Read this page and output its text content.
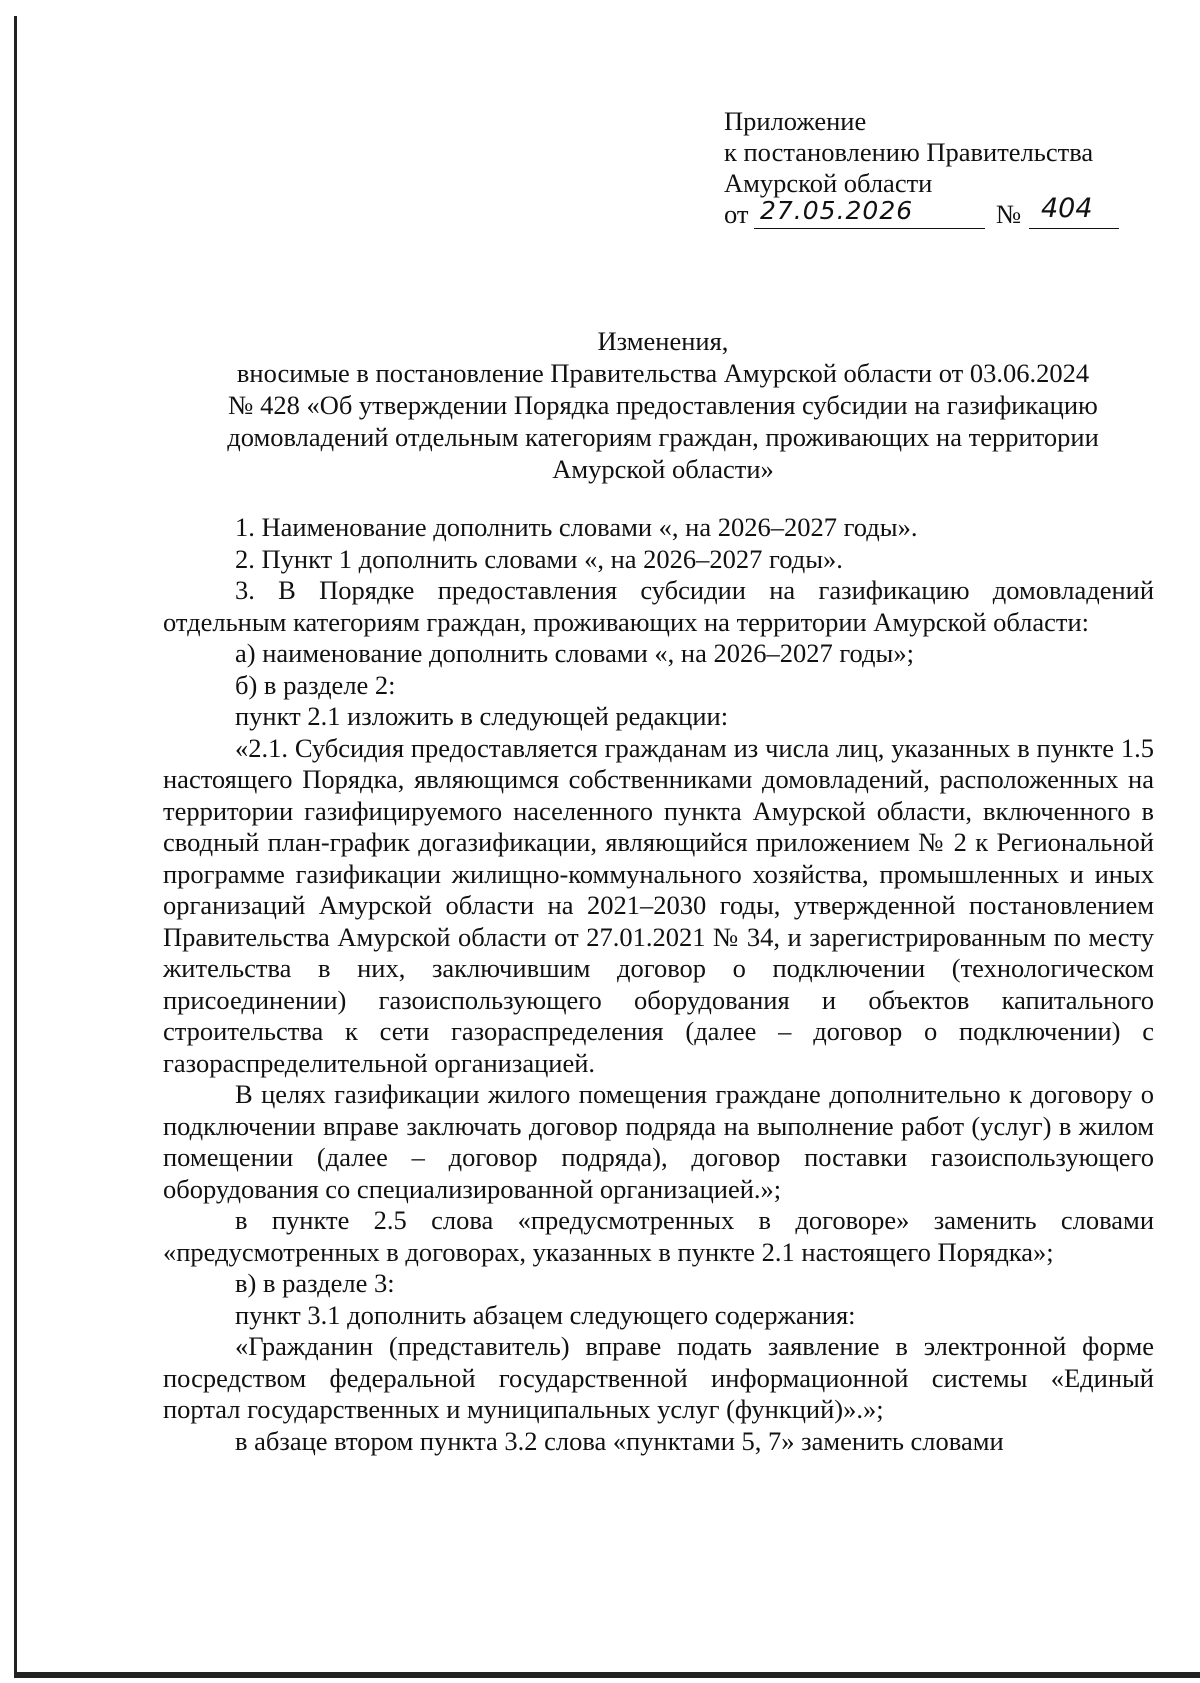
Приложение
к постановлению Правительства
Амурской области
от 27.05.2026	№ 404
Изменения,
вносимые в постановление Правительства Амурской области от 03.06.2024
№ 428 «Об утверждении Порядка предоставления субсидии на газификацию
домовладений отдельным категориям граждан, проживающих на территории
Амурской области»

1. Наименование дополнить словами «, на 2026–2027 годы».

2. Пункт 1 дополнить словами «, на 2026–2027 годы».

3. В Порядке предоставления субсидии на газификацию домовладений отдельным категориям граждан, проживающих на территории Амурской области:

а) наименование дополнить словами «, на 2026–2027 годы»;

б) в разделе 2:

пункт 2.1 изложить в следующей редакции:

«2.1. Субсидия предоставляется гражданам из числа лиц, указанных в пункте 1.5 настоящего Порядка, являющимся собственниками домовладений, расположенных на территории газифицируемого населенного пункта Амурской области, включенного в сводный план-график догазификации, являющийся приложением № 2 к Региональной программе газификации жилищно-коммунального хозяйства, промышленных и иных организаций Амурской области на 2021–2030 годы, утвержденной постановлением Правительства Амурской области от 27.01.2021 № 34, и зарегистрированным по месту жительства в них, заключившим договор о подключении (технологическом присоединении) газоиспользующего оборудования и объектов капитального строительства к сети газораспределения (далее – договор о подключении) с газораспределительной организацией.

В целях газификации жилого помещения граждане дополнительно к договору о подключении вправе заключать договор подряда на выполнение работ (услуг) в жилом помещении (далее – договор подряда), договор поставки газоиспользующего оборудования со специализированной организацией.»;

в пункте 2.5 слова «предусмотренных в договоре» заменить словами «предусмотренных в договорах, указанных в пункте 2.1 настоящего Порядка»;

в) в разделе 3:

пункт 3.1 дополнить абзацем следующего содержания:

«Гражданин (представитель) вправе подать заявление в электронной форме посредством федеральной государственной информационной системы «Единый портал государственных и муниципальных услуг (функций)».»;

в абзаце втором пункта 3.2 слова «пунктами 5, 7» заменить словами
